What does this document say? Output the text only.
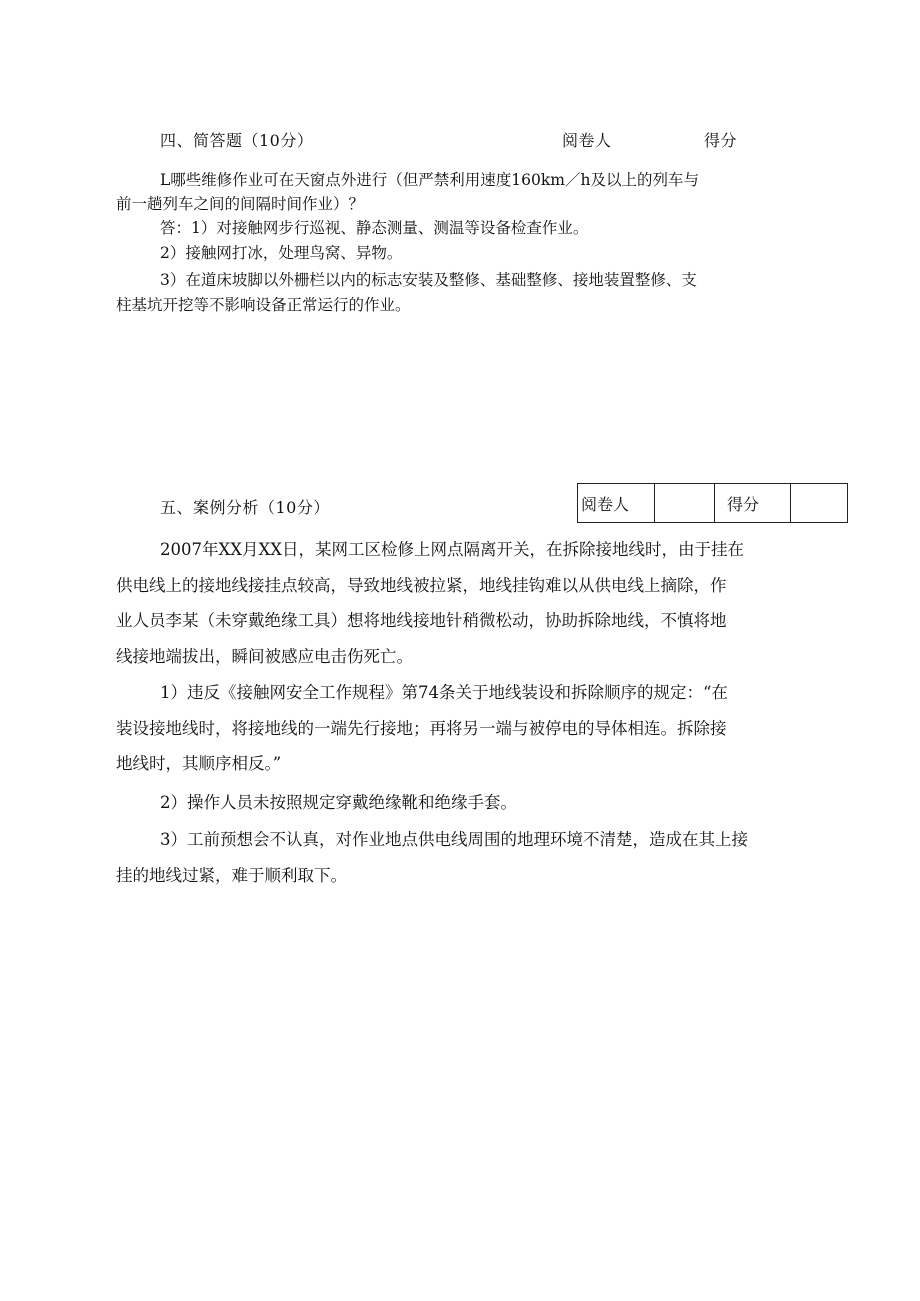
四、简答题（10分）	阅卷人	得分
L哪些维修作业可在天窗点外进行（但严禁利用速度160km／h及以上的列车与
前一趟列车之间的间隔时间作业）？
答：1）对接触网步行巡视、静态测量、测温等设备检查作业。
2）接触网打冰，处理鸟窝、异物。
3）在道床坡脚以外栅栏以内的标志安装及整修、基础整修、接地装置整修、支
柱基坑开挖等不影响设备正常运行的作业。
五、案例分析（10分）	阅卷人		得分	
2007年XX月XX日，某网工区检修上网点隔离开关，在拆除接地线时，由于挂在
供电线上的接地线接挂点较高，导致地线被拉紧，地线挂钩难以从供电线上摘除，作
业人员李某（未穿戴绝缘工具）想将地线接地针稍微松动，协助拆除地线，不慎将地
线接地端拔出，瞬间被感应电击伤死亡。
1）违反《接触网安全工作规程》第74条关于地线装设和拆除顺序的规定：“在
装设接地线时，将接地线的一端先行接地；再将另一端与被停电的导体相连。拆除接
地线时，其顺序相反。”
2）操作人员未按照规定穿戴绝缘靴和绝缘手套。
3）工前预想会不认真，对作业地点供电线周围的地理环境不清楚，造成在其上接
挂的地线过紧，难于顺利取下。
